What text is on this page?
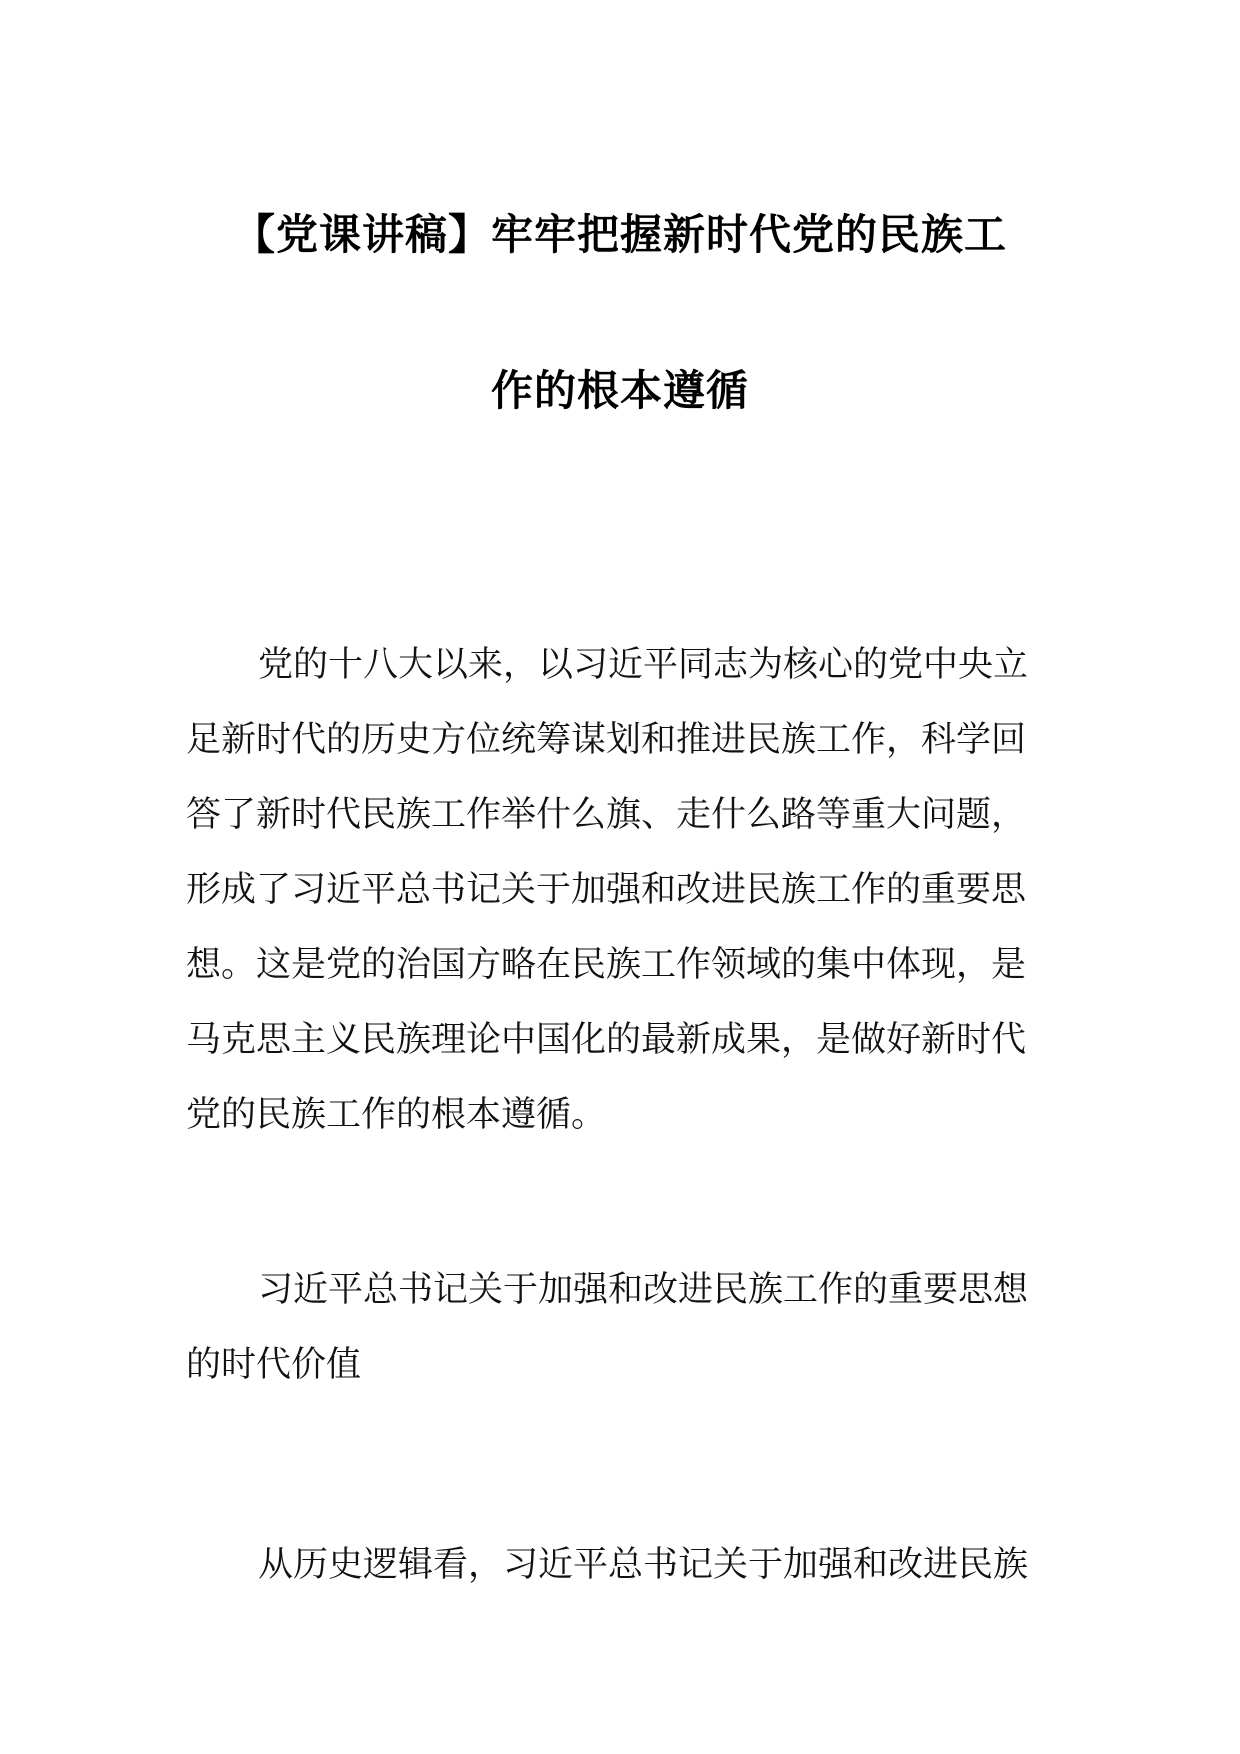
【党课讲稿】牢牢把握新时代党的民族工
作的根本遵循
党的十八大以来，以习近平同志为核心的党中央立
足新时代的历史方位统筹谋划和推进民族工作，科学回
答了新时代民族工作举什么旗、走什么路等重大问题，
形成了习近平总书记关于加强和改进民族工作的重要思
想。这是党的治国方略在民族工作领域的集中体现，是
马克思主义民族理论中国化的最新成果，是做好新时代
党的民族工作的根本遵循。
习近平总书记关于加强和改进民族工作的重要思想
的时代价值
从历史逻辑看，习近平总书记关于加强和改进民族
